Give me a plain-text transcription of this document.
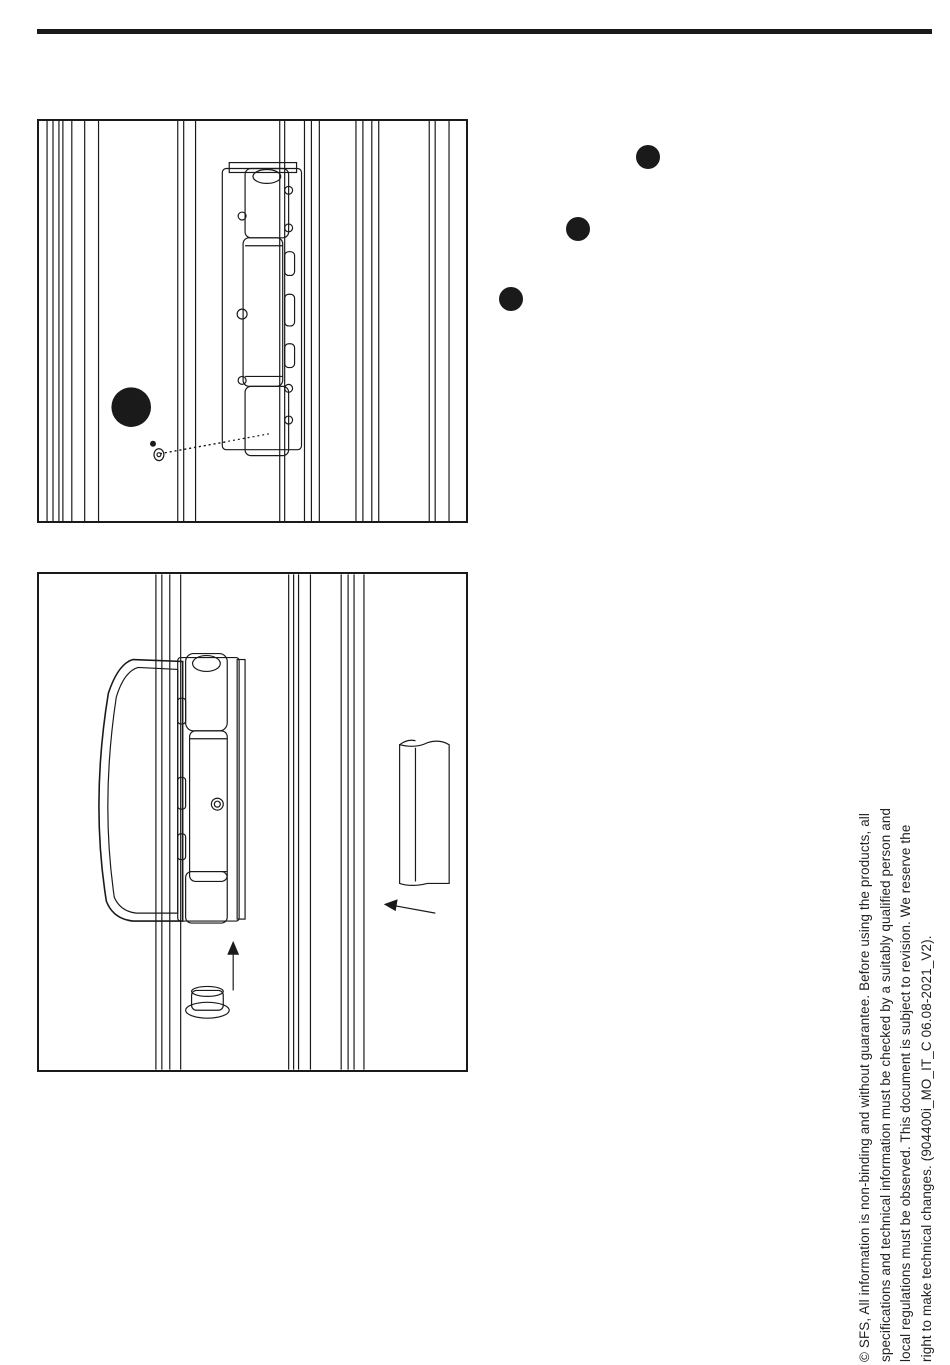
© SFS, All information is non-binding and without guarantee. Before using the products, all specifications and technical information must be checked by a suitably qualified person and local regulations must be observed. This document is subject to revision. We reserve the right to make technical changes. (904400i_MO_IT_C 06.08-2021_V2).
